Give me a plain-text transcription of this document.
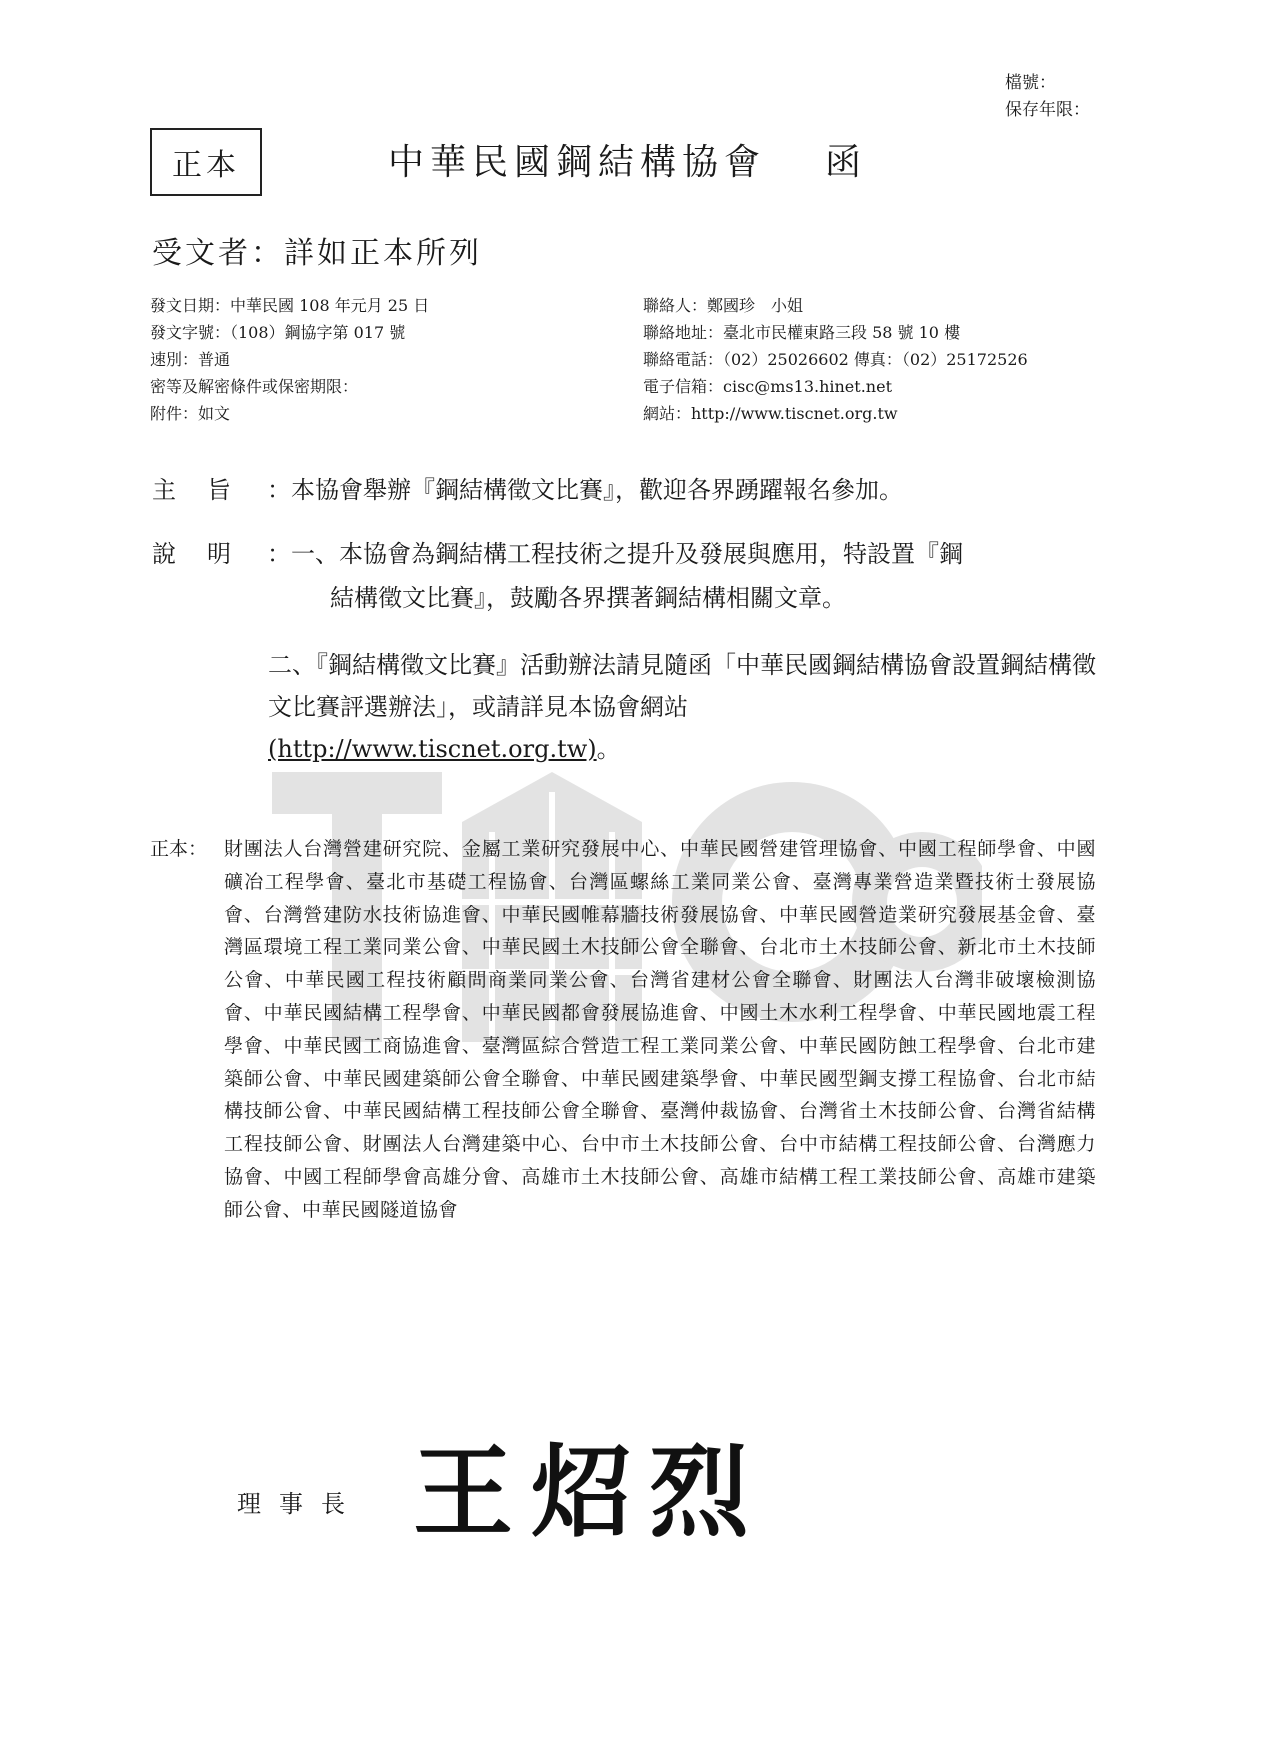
檔號：
保存年限：
正本	中華民國鋼結構協會 函
受文者：詳如正本所列
發文日期：中華民國 108 年元月 25 日
發文字號：（108）鋼協字第 017 號
速別：普通
密等及解密條件或保密期限：
附件：如文
聯絡人：鄭國珍　小姐
聯絡地址：臺北市民權東路三段 58 號 10 樓
聯絡電話：（02）25026602 傳真：（02）25172526
電子信箱：cisc@ms13.hinet.net
網站：http://www.tiscnet.org.tw
主 旨 ：本協會舉辦『鋼結構徵文比賽』，歡迎各界踴躍報名參加。
說 明 ：一、本協會為鋼結構工程技術之提升及發展與應用，特設置『鋼
結構徵文比賽』，鼓勵各界撰著鋼結構相關文章。
二、『鋼結構徵文比賽』活動辦法請見隨函「中華民國鋼結構協會設置鋼結構徵文比賽評選辦法」，或請詳見本協會網站
(http://www.tiscnet.org.tw)。
正本： 財團法人台灣營建研究院、金屬工業研究發展中心、中華民國營建管理協會、中國工程師學會、中國礦冶工程學會、臺北市基礎工程協會、台灣區螺絲工業同業公會、臺灣專業營造業暨技術士發展協會、台灣營建防水技術協進會、中華民國帷幕牆技術發展協會、中華民國營造業研究發展基金會、臺灣區環境工程工業同業公會、中華民國土木技師公會全聯會、台北市土木技師公會、新北市土木技師公會、中華民國工程技術顧問商業同業公會、台灣省建材公會全聯會、財團法人台灣非破壞檢測協會、中華民國結構工程學會、中華民國都會發展協進會、中國土木水利工程學會、中華民國地震工程學會、中華民國工商協進會、臺灣區綜合營造工程工業同業公會、中華民國防蝕工程學會、台北市建築師公會、中華民國建築師公會全聯會、中華民國建築學會、中華民國型鋼支撐工程協會、台北市結構技師公會、中華民國結構工程技師公會全聯會、臺灣仲裁協會、台灣省土木技師公會、台灣省結構工程技師公會、財團法人台灣建築中心、台中市土木技師公會、台中市結構工程技師公會、台灣應力協會、中國工程師學會高雄分會、高雄市土木技師公會、高雄市結構工程工業技師公會、高雄市建築師公會、中華民國隧道協會
理事長 王炤烈
